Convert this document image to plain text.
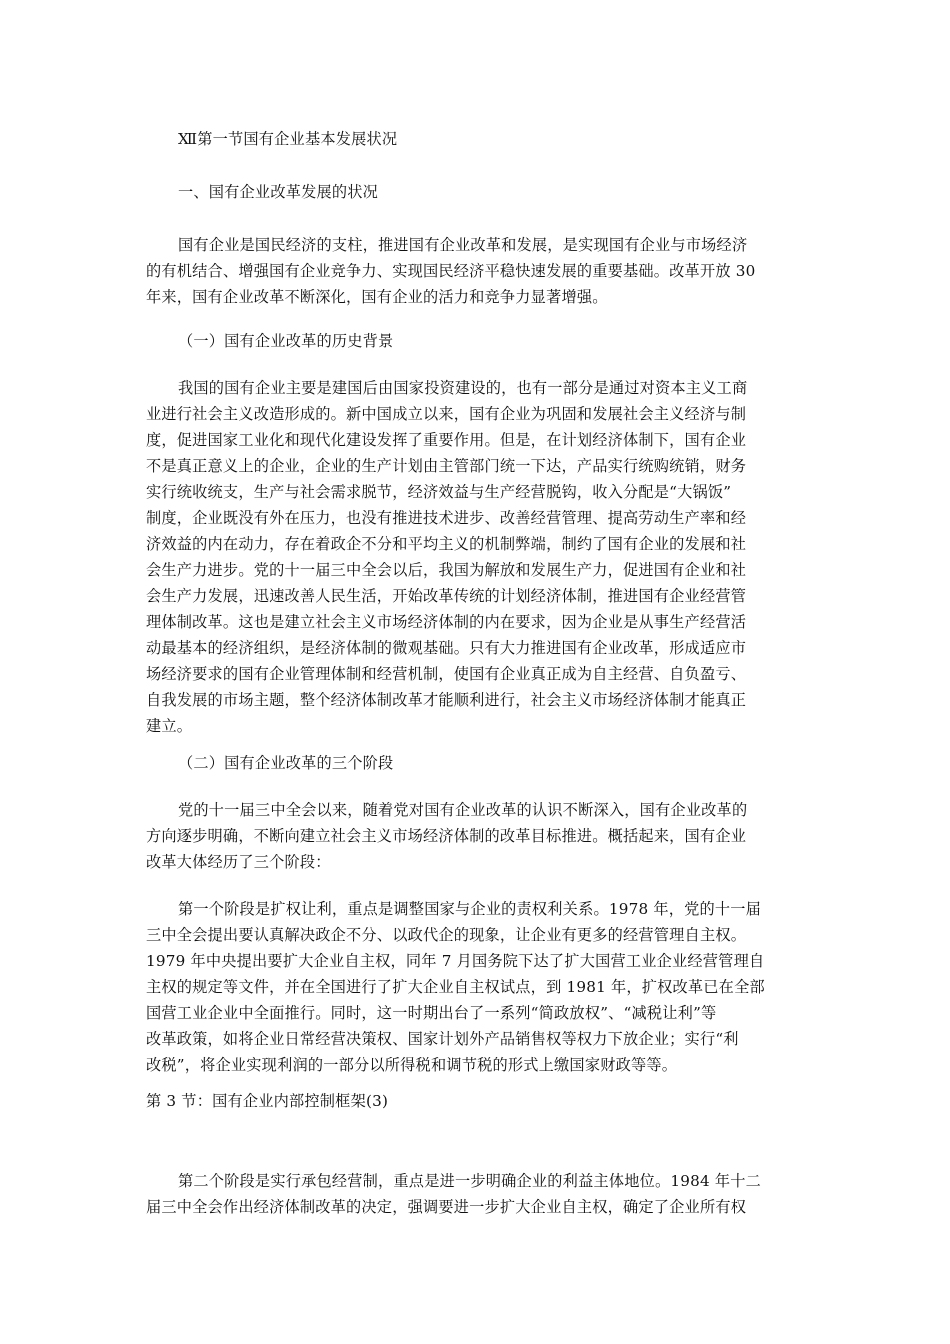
Ⅻ第一节国有企业基本发展状况
一、国有企业改革发展的状况
国有企业是国民经济的支柱，推进国有企业改革和发展，是实现国有企业与市场经济
的有机结合、增强国有企业竞争力、实现国民经济平稳快速发展的重要基础。改革开放 30
年来，国有企业改革不断深化，国有企业的活力和竞争力显著增强。
（一）国有企业改革的历史背景
我国的国有企业主要是建国后由国家投资建设的，也有一部分是通过对资本主义工商
业进行社会主义改造形成的。新中国成立以来，国有企业为巩固和发展社会主义经济与制
度，促进国家工业化和现代化建设发挥了重要作用。但是，在计划经济体制下，国有企业
不是真正意义上的企业，企业的生产计划由主管部门统一下达，产品实行统购统销，财务
实行统收统支，生产与社会需求脱节，经济效益与生产经营脱钩，收入分配是“大锅饭”
制度，企业既没有外在压力，也没有推进技术进步、改善经营管理、提高劳动生产率和经
济效益的内在动力，存在着政企不分和平均主义的机制弊端，制约了国有企业的发展和社
会生产力进步。党的十一届三中全会以后，我国为解放和发展生产力，促进国有企业和社
会生产力发展，迅速改善人民生活，开始改革传统的计划经济体制，推进国有企业经营管
理体制改革。这也是建立社会主义市场经济体制的内在要求，因为企业是从事生产经营活
动最基本的经济组织，是经济体制的微观基础。只有大力推进国有企业改革，形成适应市
场经济要求的国有企业管理体制和经营机制，使国有企业真正成为自主经营、自负盈亏、
自我发展的市场主题，整个经济体制改革才能顺利进行，社会主义市场经济体制才能真正
建立。
（二）国有企业改革的三个阶段
党的十一届三中全会以来，随着党对国有企业改革的认识不断深入，国有企业改革的
方向逐步明确，不断向建立社会主义市场经济体制的改革目标推进。概括起来，国有企业
改革大体经历了三个阶段：
第一个阶段是扩权让利，重点是调整国家与企业的责权利关系。1978 年，党的十一届
三中全会提出要认真解决政企不分、以政代企的现象，让企业有更多的经营管理自主权。
1979 年中央提出要扩大企业自主权，同年 7 月国务院下达了扩大国营工业企业经营管理自
主权的规定等文件，并在全国进行了扩大企业自主权试点，到 1981 年，扩权改革已在全部
国营工业企业中全面推行。同时，这一时期出台了一系列“简政放权”、“减税让利”等
改革政策，如将企业日常经营决策权、国家计划外产品销售权等权力下放企业；实行“利
改税”，将企业实现利润的一部分以所得税和调节税的形式上缴国家财政等等。
第 3 节：国有企业内部控制框架(3)
第二个阶段是实行承包经营制，重点是进一步明确企业的利益主体地位。1984 年十二
届三中全会作出经济体制改革的决定，强调要进一步扩大企业自主权，确定了企业所有权
